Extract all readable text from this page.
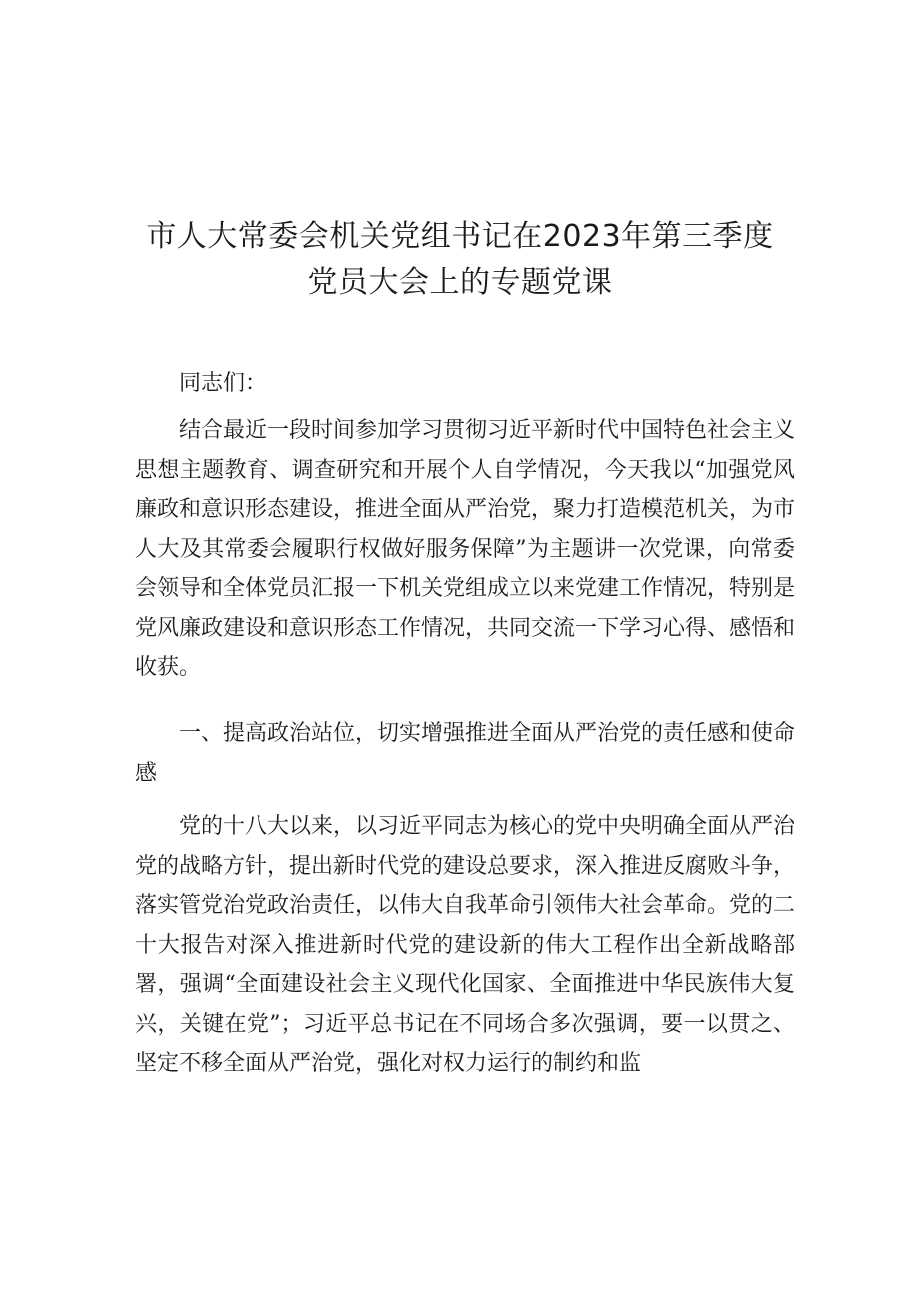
市人大常委会机关党组书记在2023年第三季度
党员大会上的专题党课

同志们：

结合最近一段时间参加学习贯彻习近平新时代中国特色社会主义思想主题教育、调查研究和开展个人自学情况，今天我以“加强党风廉政和意识形态建设，推进全面从严治党，聚力打造模范机关，为市人大及其常委会履职行权做好服务保障”为主题讲一次党课，向常委会领导和全体党员汇报一下机关党组成立以来党建工作情况，特别是党风廉政建设和意识形态工作情况，共同交流一下学习心得、感悟和收获。

一、提高政治站位，切实增强推进全面从严治党的责任感和使命感

党的十八大以来，以习近平同志为核心的党中央明确全面从严治党的战略方针，提出新时代党的建设总要求，深入推进反腐败斗争，落实管党治党政治责任，以伟大自我革命引领伟大社会革命。党的二十大报告对深入推进新时代党的建设新的伟大工程作出全新战略部署，强调“全面建设社会主义现代化国家、全面推进中华民族伟大复兴，关键在党”；习近平总书记在不同场合多次强调，要一以贯之、坚定不移全面从严治党，强化对权力运行的制约和监
